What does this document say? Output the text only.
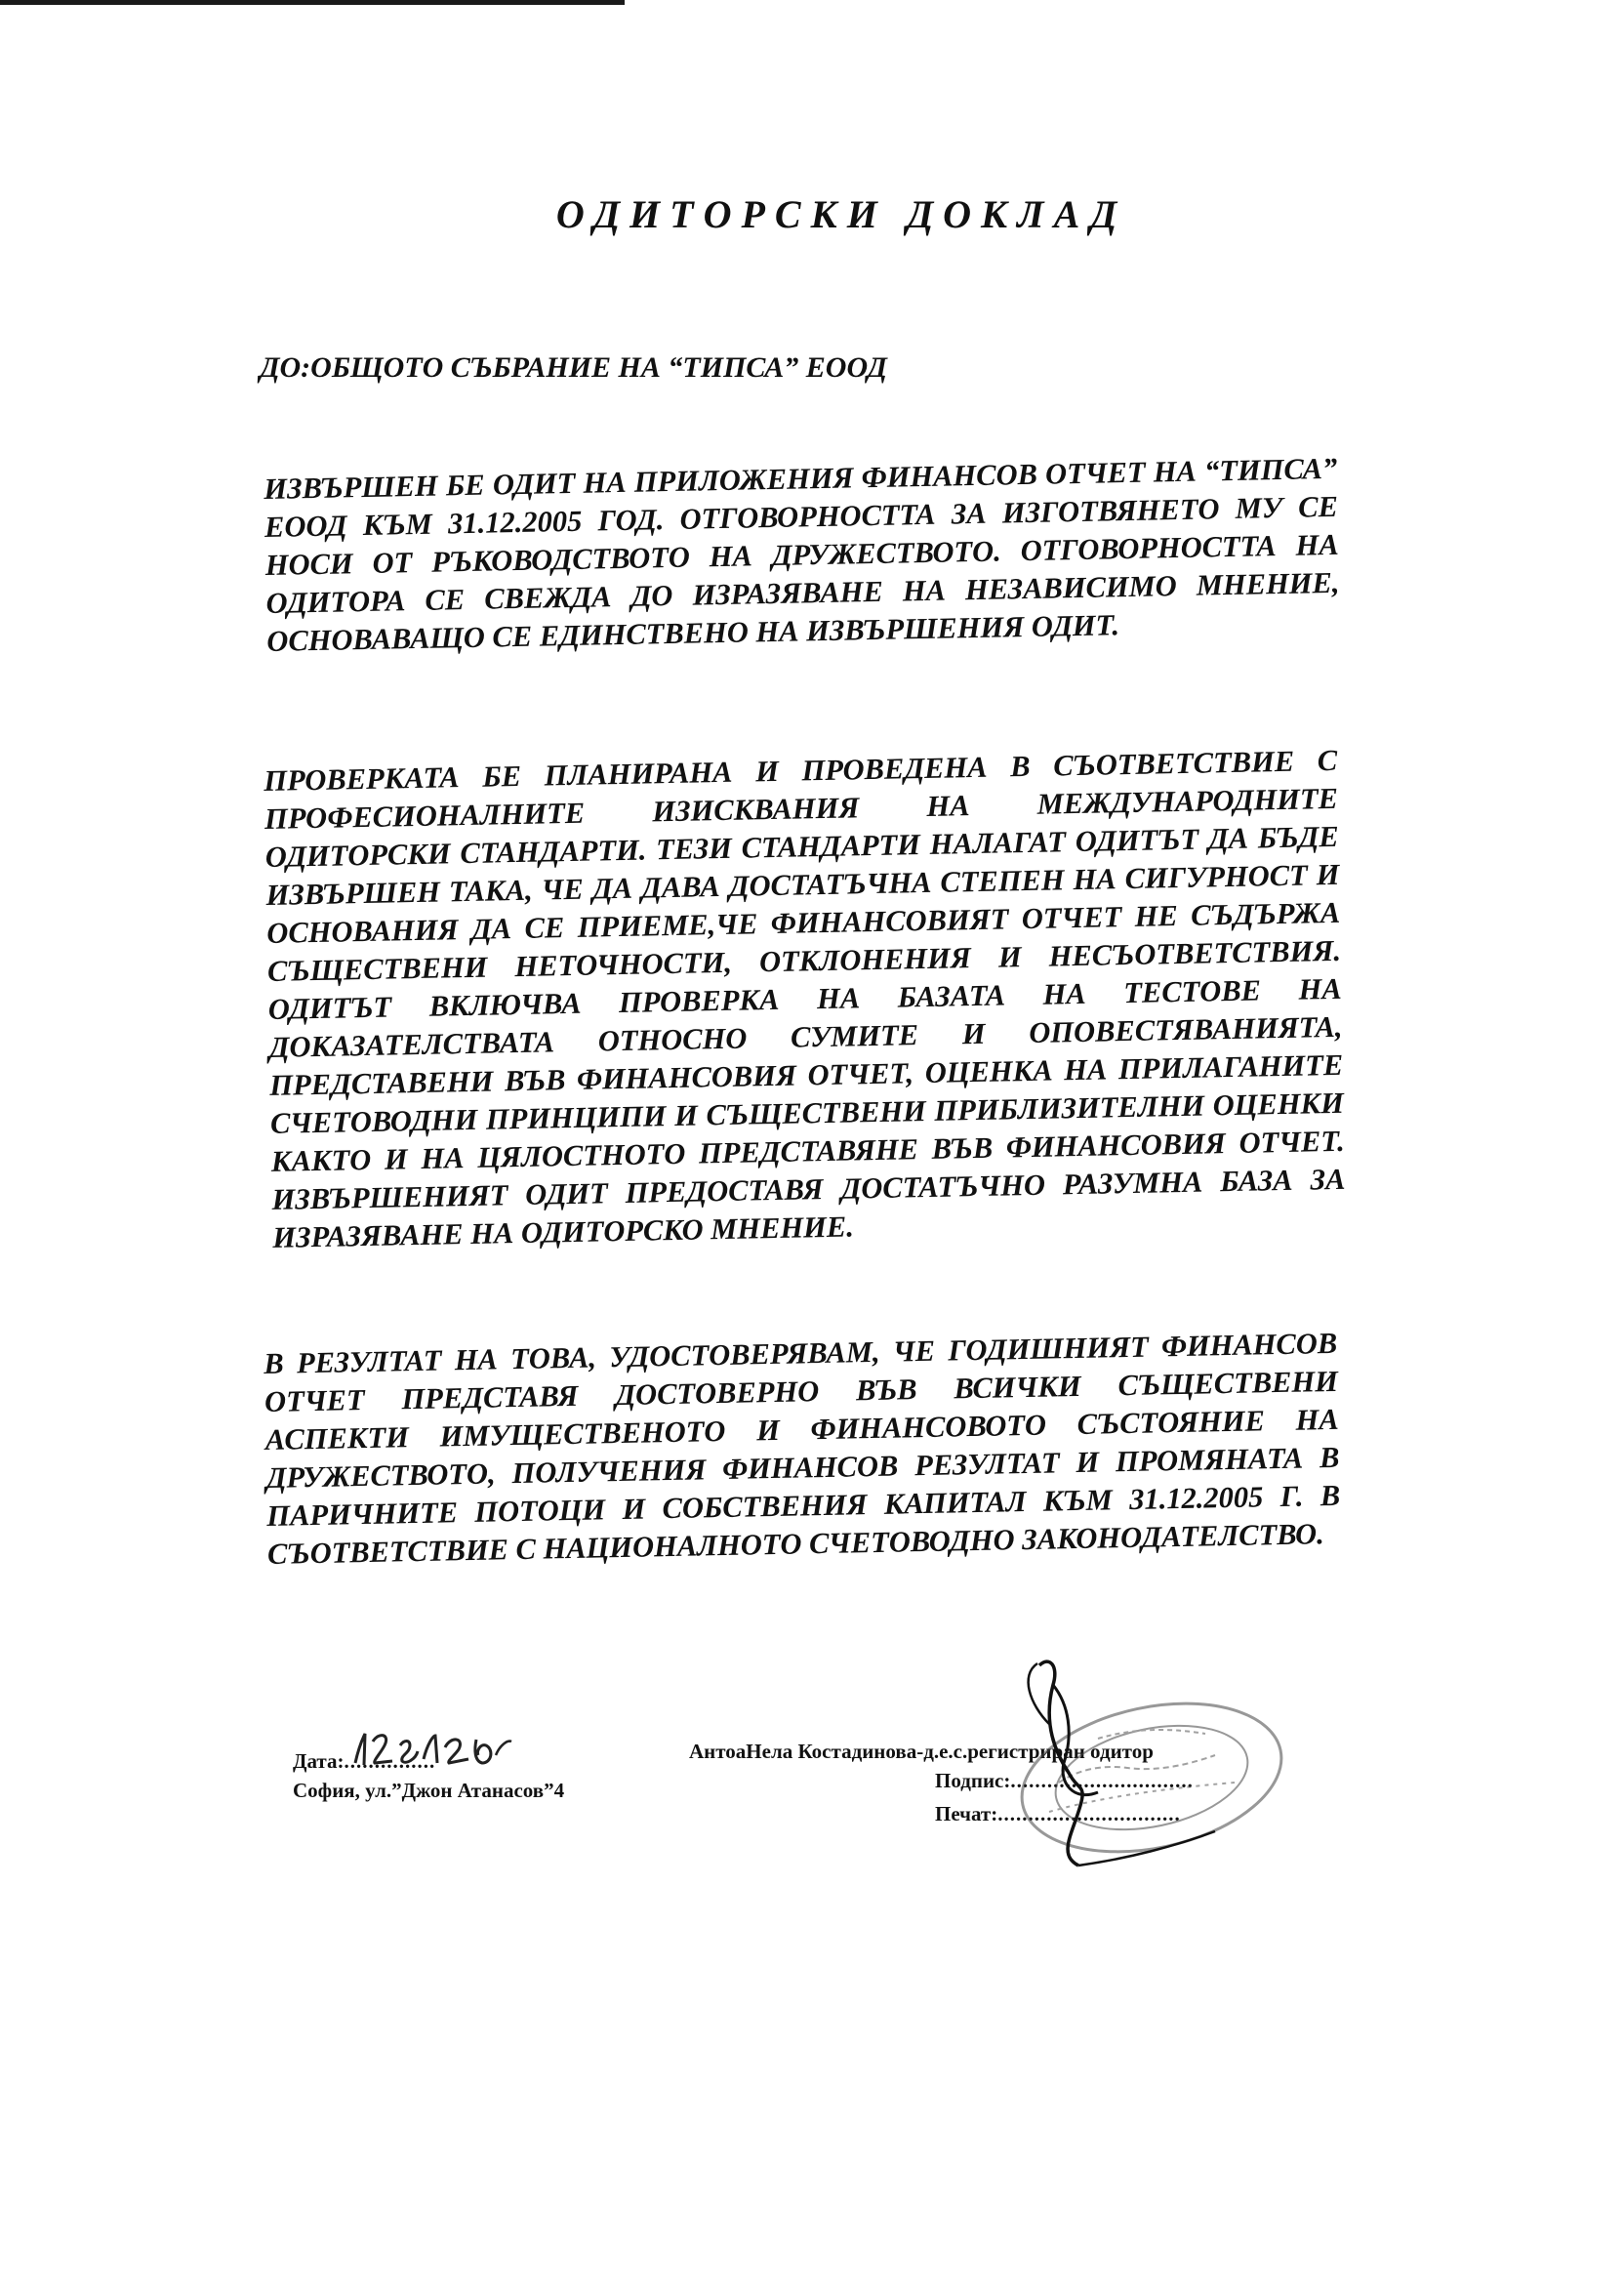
ОДИТОРСКИ ДОКЛАД
ДО:ОБЩОТО СЪБРАНИЕ НА “ТИПСА” ЕООД
ИЗВЪРШЕН БЕ ОДИТ НА ПРИЛОЖЕНИЯ ФИНАНСОВ ОТЧЕТ НА “ТИПСА” ЕООД КЪМ 31.12.2005 ГОД. ОТГОВОРНОСТТА ЗА ИЗГОТВЯНЕТО МУ СЕ НОСИ ОТ РЪКОВОДСТВОТО НА ДРУЖЕСТВОТО. ОТГОВОРНОСТТА НА ОДИТОРА СЕ СВЕЖДА ДО ИЗРАЗЯВАНЕ НА НЕЗАВИСИМО МНЕНИЕ, ОСНОВАВАЩО СЕ ЕДИНСТВЕНО НА ИЗВЪРШЕНИЯ ОДИТ.
ПРОВЕРКАТА БЕ ПЛАНИРАНА И ПРОВЕДЕНА В СЪОТВЕТСТВИЕ С ПРОФЕСИОНАЛНИТЕ ИЗИСКВАНИЯ НА МЕЖДУНАРОДНИТЕ ОДИТОРСКИ СТАНДАРТИ. ТЕЗИ СТАНДАРТИ НАЛАГАТ ОДИТЪТ ДА БЪДЕ ИЗВЪРШЕН ТАКА, ЧЕ ДА ДАВА ДОСТАТЪЧНА СТЕПЕН НА СИГУРНОСТ И ОСНОВАНИЯ ДА СЕ ПРИЕМЕ,ЧЕ ФИНАНСОВИЯТ ОТЧЕТ НЕ СЪДЪРЖА СЪЩЕСТВЕНИ НЕТОЧНОСТИ, ОТКЛОНЕНИЯ И НЕСЪОТВЕТСТВИЯ. ОДИТЪТ ВКЛЮЧВА ПРОВЕРКА НА БАЗАТА НА ТЕСТОВЕ НА ДОКАЗАТЕЛСТВАТА ОТНОСНО СУМИТЕ И ОПОВЕСТЯВАНИЯТА, ПРЕДСТАВЕНИ ВЪВ ФИНАНСОВИЯ ОТЧЕТ, ОЦЕНКА НА ПРИЛАГАНИТЕ СЧЕТОВОДНИ ПРИНЦИПИ И СЪЩЕСТВЕНИ ПРИБЛИЗИТЕЛНИ ОЦЕНКИ КАКТО И НА ЦЯЛОСТНОТО ПРЕДСТАВЯНЕ ВЪВ ФИНАНСОВИЯ ОТЧЕТ. ИЗВЪРШЕНИЯТ ОДИТ ПРЕДОСТАВЯ ДОСТАТЪЧНО РАЗУМНА БАЗА ЗА ИЗРАЗЯВАНЕ НА ОДИТОРСКО МНЕНИЕ.
В РЕЗУЛТАТ НА ТОВА, УДОСТОВЕРЯВАМ, ЧЕ ГОДИШНИЯТ ФИНАНСОВ ОТЧЕТ ПРЕДСТАВЯ ДОСТОВЕРНО ВЪВ ВСИЧКИ СЪЩЕСТВЕНИ АСПЕКТИ ИМУЩЕСТВЕНОТО И ФИНАНСОВОТО СЪСТОЯНИЕ НА ДРУЖЕСТВОТО, ПОЛУЧЕНИЯ ФИНАНСОВ РЕЗУЛТАТ И ПРОМЯНАТА В ПАРИЧНИТЕ ПОТОЦИ И СОБСТВЕНИЯ КАПИТАЛ КЪМ 31.12.2005 Г. В СЪОТВЕТСТВИЕ С НАЦИОНАЛНОТО СЧЕТОВОДНО ЗАКОНОДАТЕЛСТВО.
Дата:...............
София, ул.”Джон Атанасов”4
АнтоаНела Костадинова-д.е.с.регистриран одитор
Подпис:..............................
Печат:..............................
